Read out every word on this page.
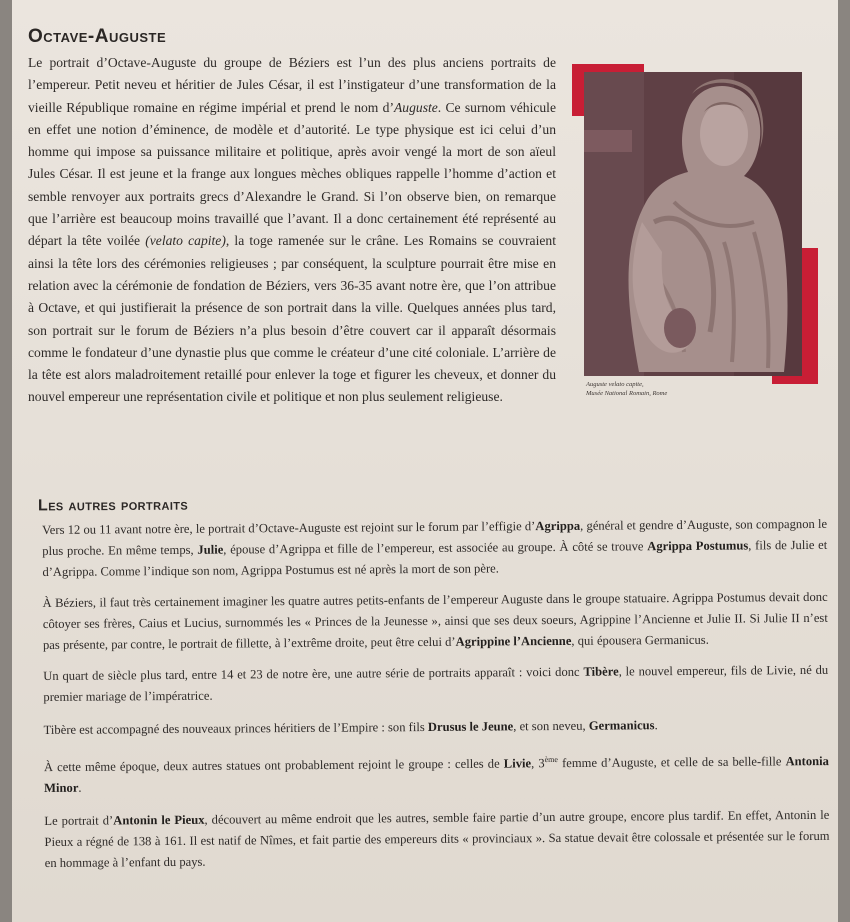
Octave-Auguste

Le portrait d’Octave-Auguste du groupe de Béziers est l’un des plus anciens portraits de l’empereur. Petit neveu et héritier de Jules César, il est l’instigateur d’une transformation de la vieille République romaine en régime impérial et prend le nom d’Auguste. Ce surnom véhicule en effet une notion d’éminence, de modèle et d’autorité. Le type physique est ici celui d’un homme qui impose sa puissance militaire et politique, après avoir vengé la mort de son aïeul Jules César. Il est jeune et la frange aux longues mèches obliques rappelle l’homme d’action et semble renvoyer aux portraits grecs d’Alexandre le Grand. Si l’on observe bien, on remarque que l’arrière est beaucoup moins travaillé que l’avant. Il a donc certainement été représenté au départ la tête voilée (velato capite), la toge ramenée sur le crâne. Les Romains se couvraient ainsi la tête lors des cérémonies religieuses ; par conséquent, la sculpture pourrait être mise en relation avec la cérémonie de fondation de Béziers, vers 36-35 avant notre ère, que l’on attribue à Octave, et qui justifierait la présence de son portrait dans la ville. Quelques années plus tard, son portrait sur le forum de Béziers n’a plus besoin d’être couvert car il apparaît désormais comme le fondateur d’une dynastie plus que comme le créateur d’une cité coloniale. L’arrière de la tête est alors maladroitement retaillé pour enlever la toge et figurer les cheveux, et donner du nouvel empereur une représentation civile et politique et non plus seulement religieuse.

Auguste velato capite,
Musée National Romain, Rome

Les autres portraits

Vers 12 ou 11 avant notre ère, le portrait d’Octave-Auguste est rejoint sur le forum par l’effigie d’Agrippa, général et gendre d’Auguste, son compagnon le plus proche. En même temps, Julie, épouse d’Agrippa et fille de l’empereur, est associée au groupe. À côté se trouve Agrippa Postumus, fils de Julie et d’Agrippa. Comme l’indique son nom, Agrippa Postumus est né après la mort de son père.

À Béziers, il faut très certainement imaginer les quatre autres petits-enfants de l’empereur Auguste dans le groupe statuaire. Agrippa Postumus devait donc côtoyer ses frères, Caius et Lucius, surnommés les « Princes de la Jeunesse », ainsi que ses deux soeurs, Agrippine l’Ancienne et Julie II. Si Julie II n’est pas présente, par contre, le portrait de fillette, à l’extrême droite, peut être celui d’Agrippine l’Ancienne, qui épousera Germanicus.

Un quart de siècle plus tard, entre 14 et 23 de notre ère, une autre série de portraits apparaît : voici donc Tibère, le nouvel empereur, fils de Livie, né du premier mariage de l’impératrice.

Tibère est accompagné des nouveaux princes héritiers de l’Empire : son fils Drusus le Jeune, et son neveu, Germanicus.

À cette même époque, deux autres statues ont probablement rejoint le groupe : celles de Livie, 3ème femme d’Auguste, et celle de sa belle-fille Antonia Minor.

Le portrait d’Antonin le Pieux, découvert au même endroit que les autres, semble faire partie d’un autre groupe, encore plus tardif. En effet, Antonin le Pieux a régné de 138 à 161. Il est natif de Nîmes, et fait partie des empereurs dits « provinciaux ». Sa statue devait être colossale et présentée sur le forum en hommage à l’enfant du pays.
